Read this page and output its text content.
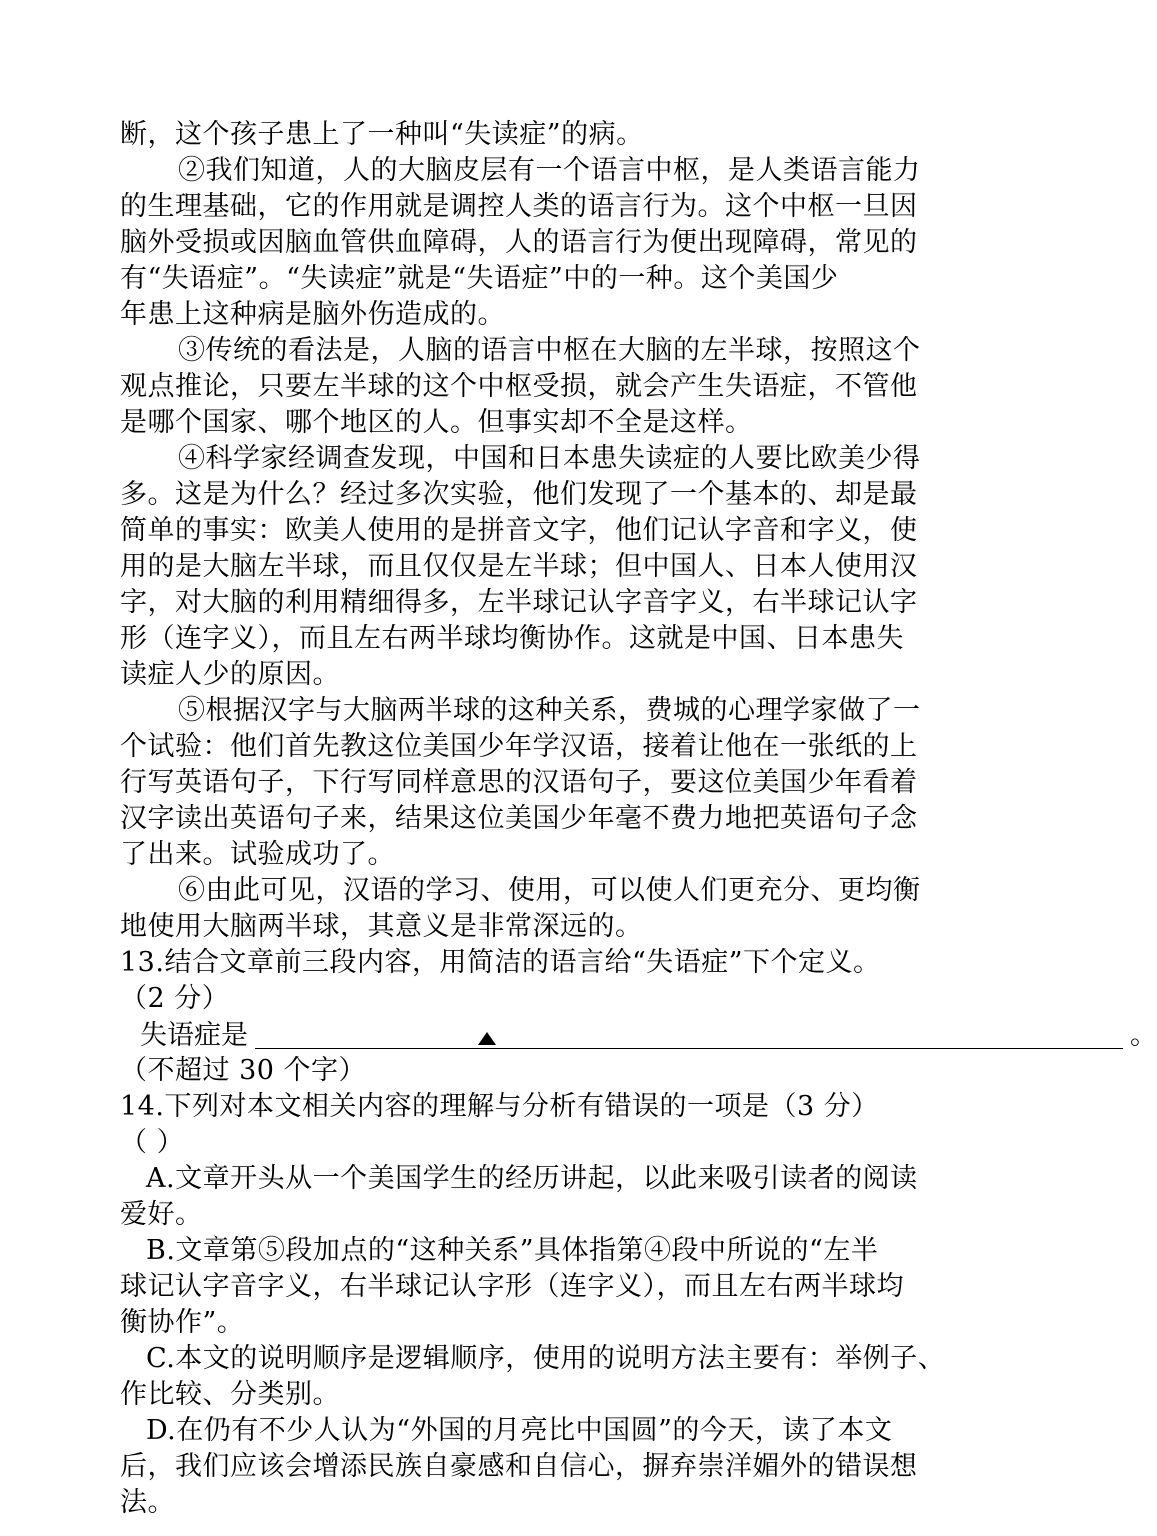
断，这个孩子患上了一种叫“失读症”的病。
②我们知道，人的大脑皮层有一个语言中枢，是人类语言能力
的生理基础，它的作用就是调控人类的语言行为。这个中枢一旦因
脑外受损或因脑血管供血障碍，人的语言行为便出现障碍，常见的
有“失语症”。“失读症”就是“失语症”中的一种。这个美国少
年患上这种病是脑外伤造成的。
③传统的看法是，人脑的语言中枢在大脑的左半球，按照这个
观点推论，只要左半球的这个中枢受损，就会产生失语症，不管他
是哪个国家、哪个地区的人。但事实却不全是这样。
④科学家经调查发现，中国和日本患失读症的人要比欧美少得
多。这是为什么？经过多次实验，他们发现了一个基本的、却是最
简单的事实：欧美人使用的是拼音文字，他们记认字音和字义，使
用的是大脑左半球，而且仅仅是左半球；但中国人、日本人使用汉
字，对大脑的利用精细得多，左半球记认字音字义，右半球记认字
形（连字义），而且左右两半球均衡协作。这就是中国、日本患失
读症人少的原因。
⑤根据汉字与大脑两半球的这种关系，费城的心理学家做了一
个试验：他们首先教这位美国少年学汉语，接着让他在一张纸的上
行写英语句子，下行写同样意思的汉语句子，要这位美国少年看着
汉字读出英语句子来，结果这位美国少年毫不费力地把英语句子念
了出来。试验成功了。
⑥由此可见，汉语的学习、使用，可以使人们更充分、更均衡
地使用大脑两半球，其意义是非常深远的。
13.结合文章前三段内容，用简洁的语言给“失语症”下个定义。
（2 分）
失语症是	。
（不超过 30 个字）
14.下列对本文相关内容的理解与分析有错误的一项是（3 分）
（ ）
A.文章开头从一个美国学生的经历讲起，以此来吸引读者的阅读
爱好。
B.文章第⑤段加点的“这种关系”具体指第④段中所说的“左半
球记认字音字义，右半球记认字形（连字义），而且左右两半球均
衡协作”。
C.本文的说明顺序是逻辑顺序，使用的说明方法主要有：举例子、
作比较、分类别。
D.在仍有不少人认为“外国的月亮比中国圆”的今天，读了本文
后，我们应该会增添民族自豪感和自信心，摒弃崇洋媚外的错误想
法。
